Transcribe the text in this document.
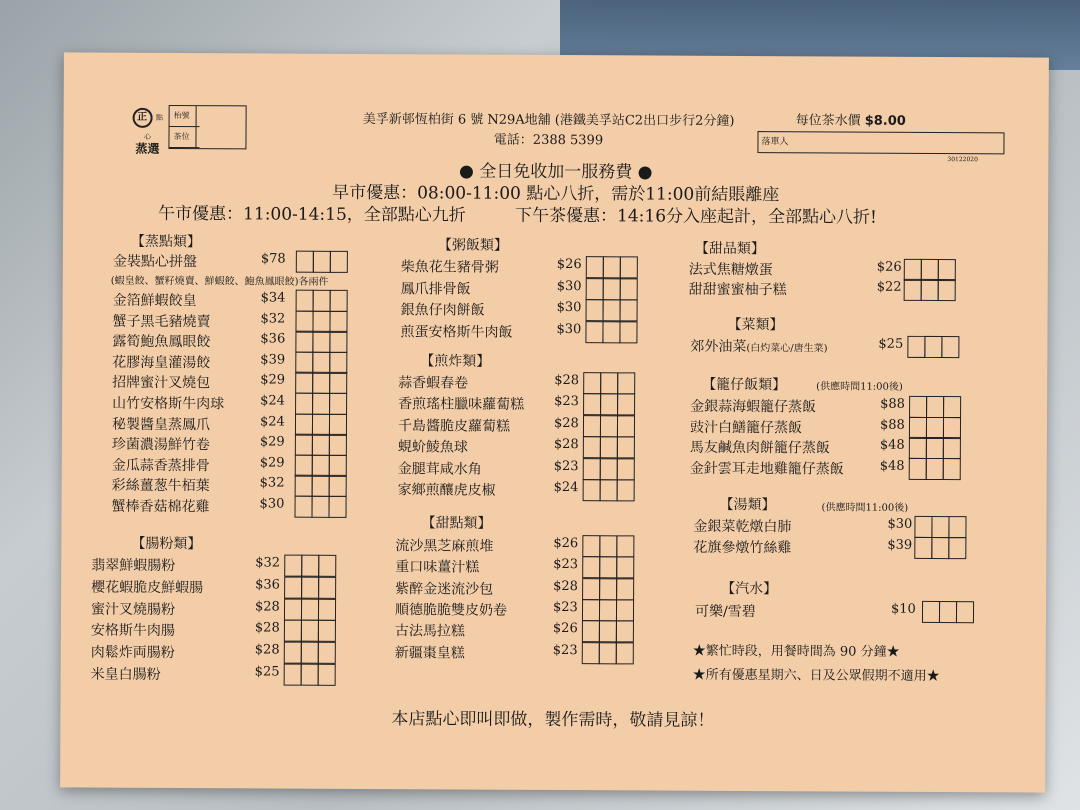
正 點心
蒸選
枱號
茶位
美孚新邨恆柏街 6 號 N29A地舖 (港鐵美孚站C2出口步行2分鐘)
電話：2388 5399
每位茶水價 $8.00
落單人
30122020
● 全日免收加一服務費 ●
早市優惠：08:00-11:00 點心八折，需於11:00前結賬離座
午市優惠：11:00-14:15，全部點心九折	下午茶優惠：14:16分入座起計，全部點心八折!
【蒸點類】
金裝點心拼盤	$78
(蝦皇餃、蟹籽燒賣、鮮蝦餃、鮑魚鳳眼餃)各兩件
金箔鮮蝦餃皇	$34
蟹子黑毛豬燒賣	$32
露筍鮑魚鳳眼餃	$36
花膠海皇灌湯餃	$39
招牌蜜汁叉燒包	$29
山竹安格斯牛肉球	$24
秘製醬皇蒸鳳爪	$24
珍菌濃湯鮮竹卷	$29
金瓜蒜香蒸排骨	$29
彩絲薑葱牛栢葉	$32
蟹棒香菇棉花雞	$30
【腸粉類】
翡翠鮮蝦腸粉	$32
櫻花蝦脆皮鮮蝦腸	$36
蜜汁叉燒腸粉	$28
安格斯牛肉腸	$28
肉鬆炸両腸粉	$28
米皇白腸粉	$25
【粥飯類】
柴魚花生豬骨粥	$26
鳳爪排骨飯	$30
銀魚仔肉餅飯	$30
煎蛋安格斯牛肉飯	$30
【煎炸類】
蒜香蝦春卷	$28
香煎瑤柱臘味蘿蔔糕 $23
千島醬脆皮蘿蔔糕	$28
蜆蚧鯪魚球	$28
金腿茸咸水角	$23
家鄉煎釀虎皮椒	$24
【甜點類】
流沙黑芝麻煎堆	$26
重口味薑汁糕	$23
紫醉金迷流沙包	$28
順德脆脆雙皮奶卷	$23
古法馬拉糕	$26
新疆棗皇糕	$23
【甜品類】
法式焦糖燉蛋	$26
甜甜蜜蜜柚子糕	$22
【菜類】
郊外油菜(白灼菜心/唐生菜)	$25
【籠仔飯類】	(供應時間11:00後)
金銀蒜海蝦籠仔蒸飯	$88
豉汁白鱔籠仔蒸飯	$88
馬友鹹魚肉餅籠仔蒸飯	$48
金針雲耳走地雞籠仔蒸飯	$48
【湯類】	(供應時間11:00後)
金銀菜乾燉白肺	$30
花旗參燉竹絲雞	$39
【汽水】
可樂/雪碧	$10
★繁忙時段，用餐時間為 90 分鐘★
★所有優惠星期六、日及公眾假期不適用★
本店點心即叫即做，製作需時，敬請見諒！
